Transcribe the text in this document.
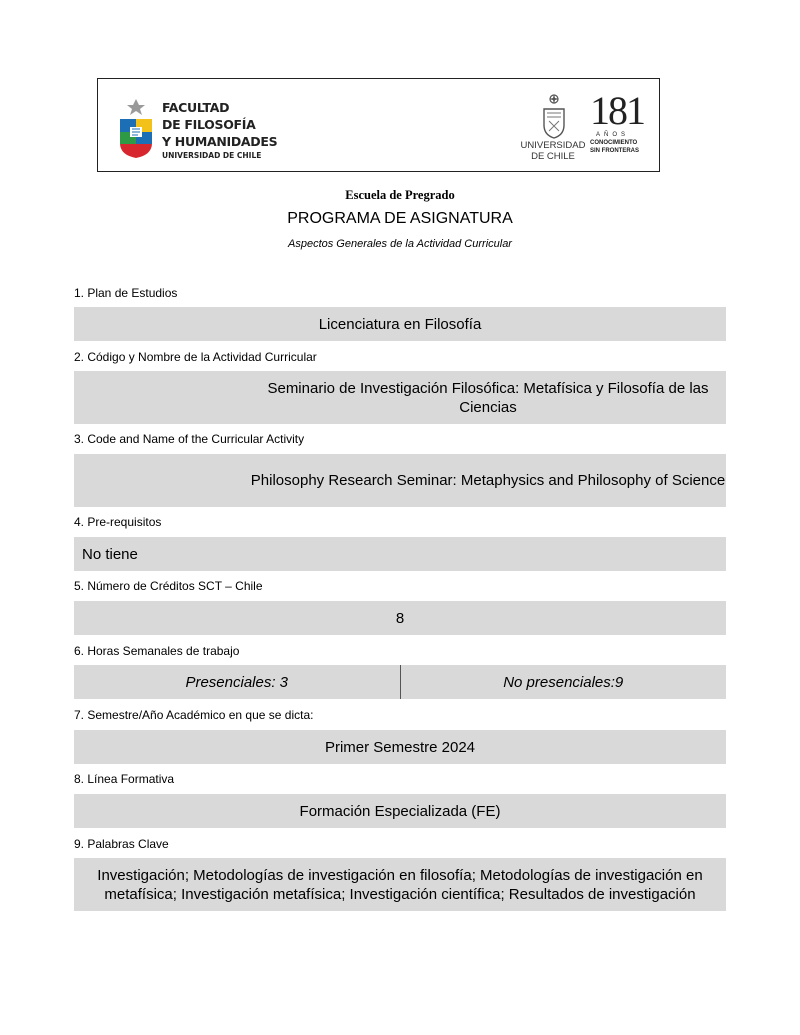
FACULTAD
DE FILOSOFÍA
Y HUMANIDADES
UNIVERSIDAD DE CHILE
UNIVERSIDAD
DE CHILE
181
AÑOS
CONOCIMIENTO
SIN FRONTERAS
Escuela de Pregrado
PROGRAMA DE ASIGNATURA
Aspectos Generales de la Actividad Curricular
1. Plan de Estudios
Licenciatura en Filosofía
2. Código y Nombre de la Actividad Curricular
Seminario de Investigación Filosófica: Metafísica y Filosofía de las Ciencias
3. Code and Name of the Curricular Activity
Philosophy Research Seminar: Metaphysics and Philosophy of Science
4. Pre-requisitos
No tiene
5. Número de Créditos SCT – Chile
8
6. Horas Semanales de trabajo
Presenciales: 3	No presenciales:9
7. Semestre/Año Académico en que se dicta:
Primer Semestre 2024
8. Línea Formativa
Formación Especializada (FE)
9. Palabras Clave
Investigación; Metodologías de investigación en filosofía; Metodologías de investigación en metafísica; Investigación metafísica; Investigación científica; Resultados de investigación
